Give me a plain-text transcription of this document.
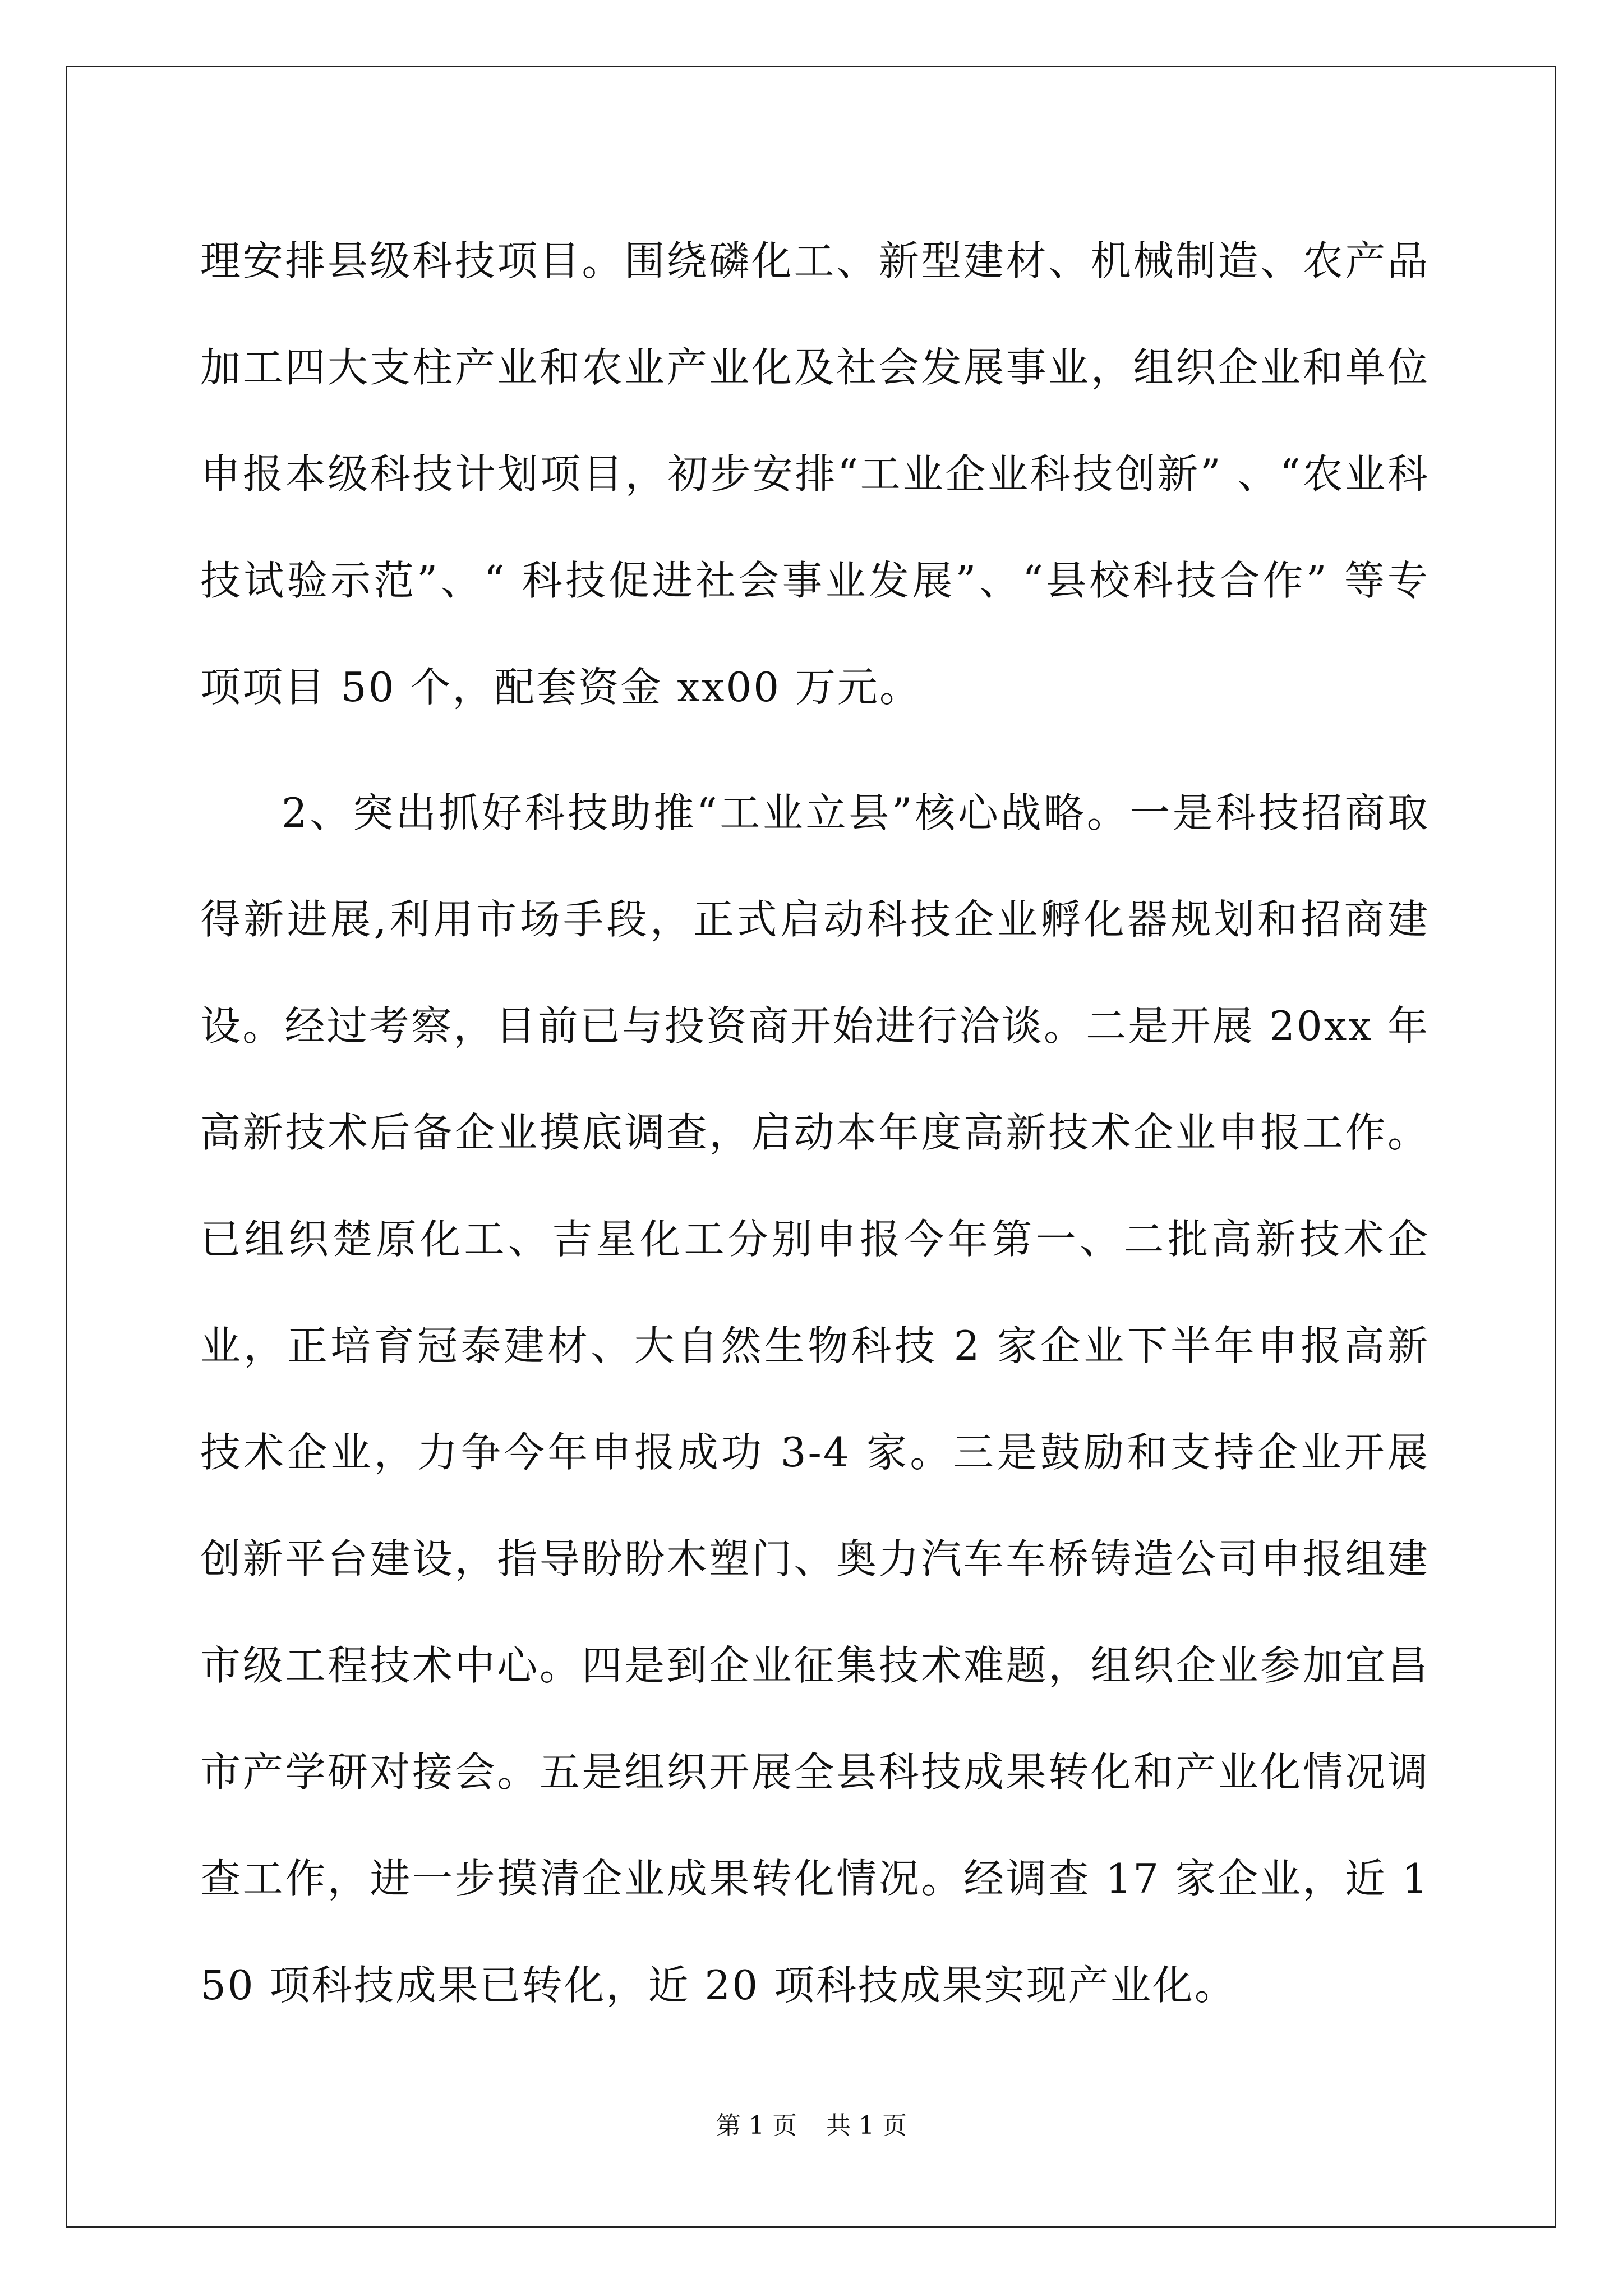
理安排县级科技项目。围绕磷化工、新型建材、机械制造、农产品加工四大支柱产业和农业产业化及社会发展事业，组织企业和单位申报本级科技计划项目，初步安排“工业企业科技创新” 、“农业科技试验示范”、“ 科技促进社会事业发展”、“县校科技合作” 等专项项目 50 个，配套资金 xx00 万元。

2、突出抓好科技助推“工业立县”核心战略。一是科技招商取得新进展,利用市场手段，正式启动科技企业孵化器规划和招商建设。经过考察，目前已与投资商开始进行洽谈。二是开展 20xx 年高新技术后备企业摸底调查，启动本年度高新技术企业申报工作。已组织楚原化工、吉星化工分别申报今年第一、二批高新技术企业，正培育冠泰建材、大自然生物科技 2 家企业下半年申报高新技术企业，力争今年申报成功 3-4 家。三是鼓励和支持企业开展创新平台建设，指导盼盼木塑门、奥力汽车车桥铸造公司申报组建市级工程技术中心。四是到企业征集技术难题，组织企业参加宜昌市产学研对接会。五是组织开展全县科技成果转化和产业化情况调查工作，进一步摸清企业成果转化情况。经调查 17 家企业，近 150 项科技成果已转化，近 20 项科技成果实现产业化。

第 1 页 共 1 页
